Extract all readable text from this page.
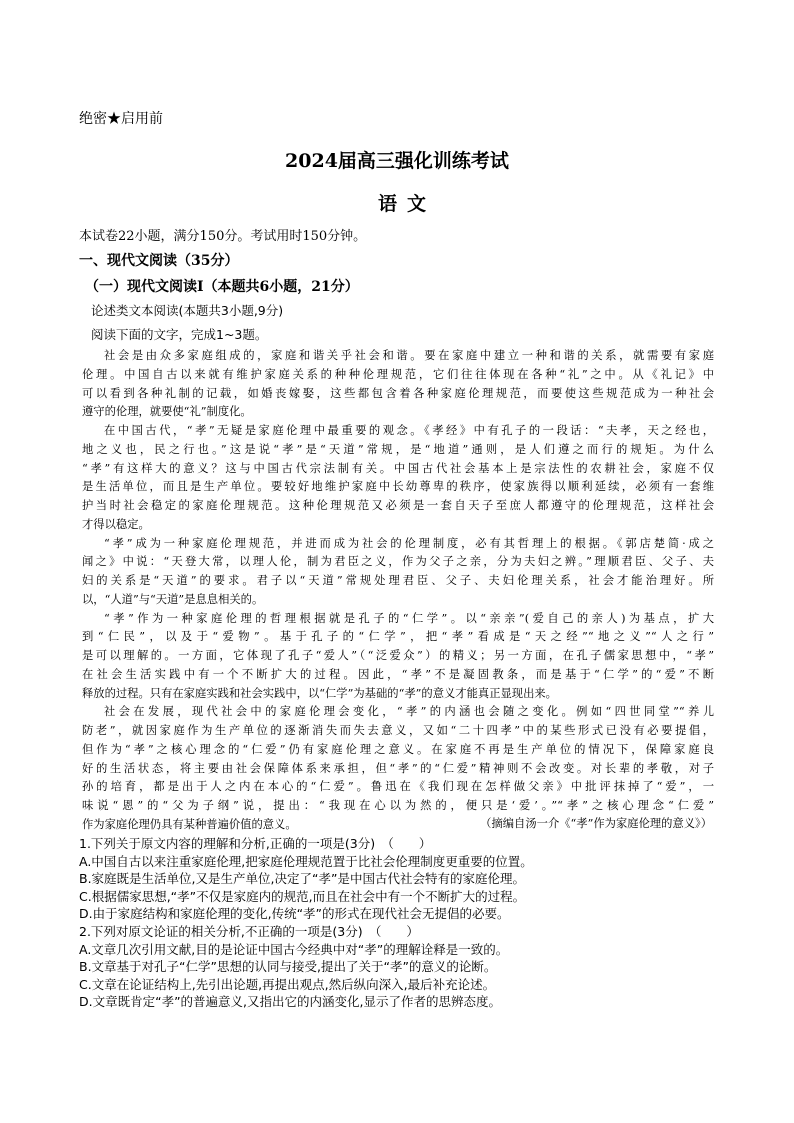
绝密★启用前
2024届高三强化训练考试
语文
本试卷22小题，满分150分。考试用时150分钟。
一、现代文阅读（35分）
（一）现代文阅读Ⅰ（本题共6小题，21分）
论述类文本阅读(本题共3小题,9分)
阅读下面的文字，完成1~3题。
社会是由众多家庭组成的，家庭和谐关乎社会和谐。要在家庭中建立一种和谐的关系，就需要有家庭
伦理。中国自古以来就有维护家庭关系的种种伦理规范，它们往往体现在各种“礼”之中。从《礼记》中
可以看到各种礼制的记载，如婚丧嫁娶，这些都包含着各种家庭伦理规范，而要使这些规范成为一种社会
遵守的伦理，就要使“礼”制度化。
在中国古代，“孝”无疑是家庭伦理中最重要的观念。《孝经》中有孔子的一段话：“夫孝，天之经也，
地之义也，民之行也。”这是说“孝”是“天道”常规，是“地道”通则，是人们遵之而行的规矩。为什么
“孝”有这样大的意义？这与中国古代宗法制有关。中国古代社会基本上是宗法性的农耕社会，家庭不仅
是生活单位，而且是生产单位。要较好地维护家庭中长幼尊卑的秩序，使家族得以顺利延续，必须有一套维
护当时社会稳定的家庭伦理规范。这种伦理规范又必须是一套自天子至庶人都遵守的伦理规范，这样社会
才得以稳定。
“孝”成为一种家庭伦理规范，并进而成为社会的伦理制度，必有其哲理上的根据。《郭店楚简·成之
闻之》中说：“天登大常，以理人伦，制为君臣之义，作为父子之亲，分为夫妇之辨。”理顺君臣、父子、夫
妇的关系是“天道”的要求。君子以“天道”常规处理君臣、父子、夫妇伦理关系，社会才能治理好。所
以，“人道”与“天道”是息息相关的。
“孝”作为一种家庭伦理的哲理根据就是孔子的“仁学”。以“亲亲”(爱自己的亲人)为基点，扩大
到“仁民”，以及于“爱物”。基于孔子的“仁学”，把“孝”看成是“天之经”“地之义”“人之行”
是可以理解的。一方面，它体现了孔子“爱人”（“泛爱众”）的精义；另一方面，在孔子儒家思想中，“孝”
在社会生活实践中有一个不断扩大的过程。因此，“孝”不是凝固教条，而是基于“仁学”的“爱”不断
释放的过程。只有在家庭实践和社会实践中，以“仁学”为基础的“孝”的意义才能真正显现出来。
社会在发展，现代社会中的家庭伦理会变化，“孝”的内涵也会随之变化。例如“四世同堂”“养儿
防老”，就因家庭作为生产单位的逐渐消失而失去意义，又如“二十四孝”中的某些形式已没有必要提倡，
但作为“孝”之核心理念的“仁爱”仍有家庭伦理之意义。在家庭不再是生产单位的情况下，保障家庭良
好的生活状态，将主要由社会保障体系来承担，但“孝”的“仁爱”精神则不会改变。对长辈的孝敬，对子
孙的培育，都是出于人之内在本心的“仁爱”。鲁迅在《我们现在怎样做父亲》中批评抹掉了“爱”，一
味说“恩”的“父为子纲”说，提出：“我现在心以为然的，便只是‘爱’。”“孝”之核心理念“仁爱”
作为家庭伦理仍具有某种普遍价值的意义。	（摘编自汤一介《“孝”作为家庭伦理的意义》）
1.下列关于原文内容的理解和分析,正确的一项是(3分)　（　　）
A.中国自古以来注重家庭伦理,把家庭伦理规范置于比社会伦理制度更重要的位置。
B.家庭既是生活单位,又是生产单位,决定了“孝”是中国古代社会特有的家庭伦理。
C.根据儒家思想,“孝”不仅是家庭内的规范,而且在社会中有一个不断扩大的过程。
D.由于家庭结构和家庭伦理的变化,传统“孝”的形式在现代社会无提倡的必要。
2.下列对原文论证的相关分析,不正确的一项是(3分)　（　　）
A.文章几次引用文献,目的是论证中国古今经典中对“孝”的理解诠释是一致的。
B.文章基于对孔子“仁学”思想的认同与接受,提出了关于“孝”的意义的论断。
C.文章在论证结构上,先引出论题,再提出观点,然后纵向深入,最后补充论述。
D.文章既肯定“孝”的普遍意义,又指出它的内涵变化,显示了作者的思辨态度。
